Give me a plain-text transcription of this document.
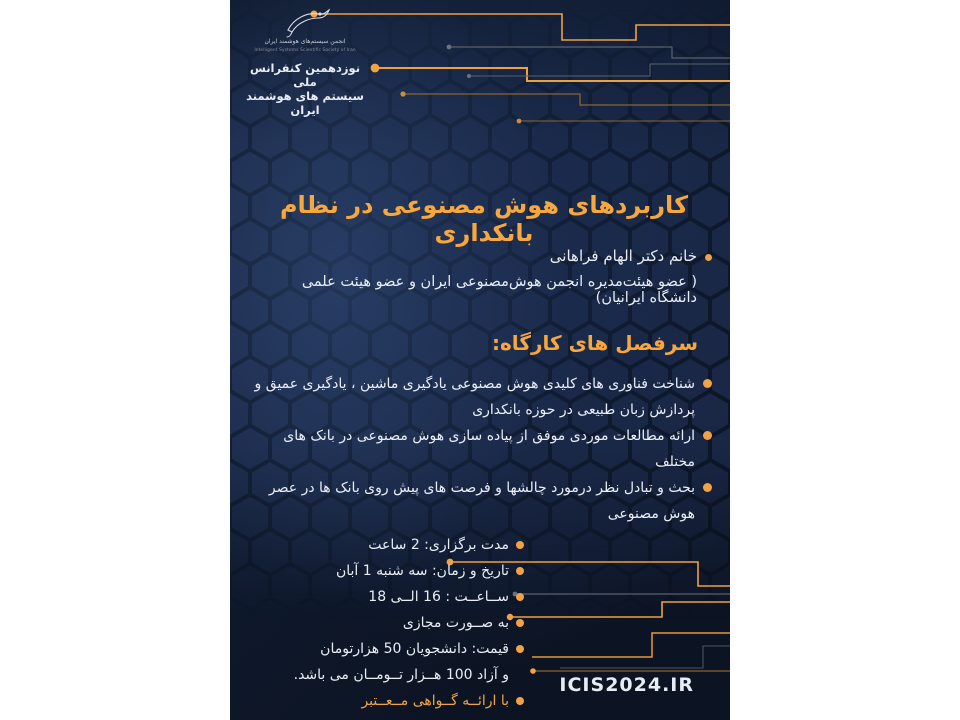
انجمن سیستم‌های هوشمند ایران
Intelligent Systems Scientific Society of Iran
نوزدهمین کنفرانس ملی
سیستم های هوشمند ایران
کاربردهای هوش مصنوعی در نظام بانکداری
خانم دکتر الهام فراهانی
( عضو هیئت‌مدیره انجمن هوش‌مصنوعی ایران و عضو هیئت علمی دانشگاه ایرانیان)
سرفصل های کارگاه:
شناخت فناوری های کلیدی هوش مصنوعی یادگیری ماشین ، یادگیری عمیق و پردازش زبان طبیعی در حوزه بانکداری
ارائه مطالعات موردی موفق از پیاده سازی هوش مصنوعی در بانک های مختلف
بحث و تبادل نظر درمورد چالشها و فرصت های پیش روی بانک ها در عصر هوش مصنوعی
مدت برگزاری: 2 ساعت
تاریخ و زمان: سه شنبه 1 آبان
ســاعــت : 16 الــی 18
به صــورت مجازی
قیمت: دانشجویان 50 هزارتومان
و آزاد 100 هــزار تــومــان می باشد.
با ارائــه گــواهی مــعــتبر
ICIS2024.IR
